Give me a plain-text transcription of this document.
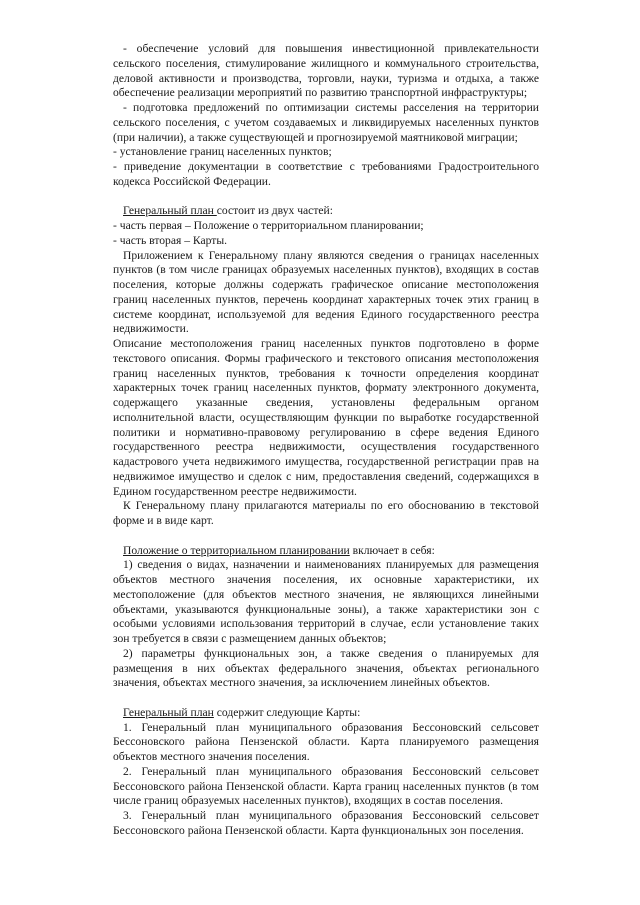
- обеспечение условий для повышения инвестиционной привлекательности сельского поселения, стимулирование жилищного и коммунального строительства, деловой активности и производства, торговли, науки, туризма и отдыха, а также обеспечение реализации мероприятий по развитию транспортной инфраструктуры;

- подготовка предложений по оптимизации системы расселения на территории сельского поселения, с учетом создаваемых и ликвидируемых населенных пунктов (при наличии), а также существующей и прогнозируемой маятниковой миграции;

- установление границ населенных пунктов;

- приведение документации в соответствие с требованиями Градостроительного кодекса Российской Федерации.

Генеральный план состоит из двух частей:

- часть первая – Положение о территориальном планировании;

- часть вторая – Карты.

Приложением к Генеральному плану являются сведения о границах населенных пунктов (в том числе границах образуемых населенных пунктов), входящих в состав поселения, которые должны содержать графическое описание местоположения границ населенных пунктов, перечень координат характерных точек этих границ в системе координат, используемой для ведения Единого государственного реестра недвижимости.

Описание местоположения границ населенных пунктов подготовлено в форме текстового описания. Формы графического и текстового описания местоположения границ населенных пунктов, требования к точности определения координат характерных точек границ населенных пунктов, формату электронного документа, содержащего указанные сведения, установлены федеральным органом исполнительной власти, осуществляющим функции по выработке государственной политики и нормативно-правовому регулированию в сфере ведения Единого государственного реестра недвижимости, осуществления государственного кадастрового учета недвижимого имущества, государственной регистрации прав на недвижимое имущество и сделок с ним, предоставления сведений, содержащихся в Едином государственном реестре недвижимости.

К Генеральному плану прилагаются материалы по его обоснованию в текстовой форме и в виде карт.

Положение о территориальном планировании включает в себя:

1) сведения о видах, назначении и наименованиях планируемых для размещения объектов местного значения поселения, их основные характеристики, их местоположение (для объектов местного значения, не являющихся линейными объектами, указываются функциональные зоны), а также характеристики зон с особыми условиями использования территорий в случае, если установление таких зон требуется в связи с размещением данных объектов;

2) параметры функциональных зон, а также сведения о планируемых для размещения в них объектах федерального значения, объектах регионального значения, объектах местного значения, за исключением линейных объектов.

Генеральный план содержит следующие Карты:

1. Генеральный план муниципального образования Бессоновский сельсовет Бессоновского района Пензенской области. Карта планируемого размещения объектов местного значения поселения.

2. Генеральный план муниципального образования Бессоновский сельсовет Бессоновского района Пензенской области. Карта границ населенных пунктов (в том числе границ образуемых населенных пунктов), входящих в состав поселения.

3. Генеральный план муниципального образования Бессоновский сельсовет Бессоновского района Пензенской области. Карта функциональных зон поселения.
